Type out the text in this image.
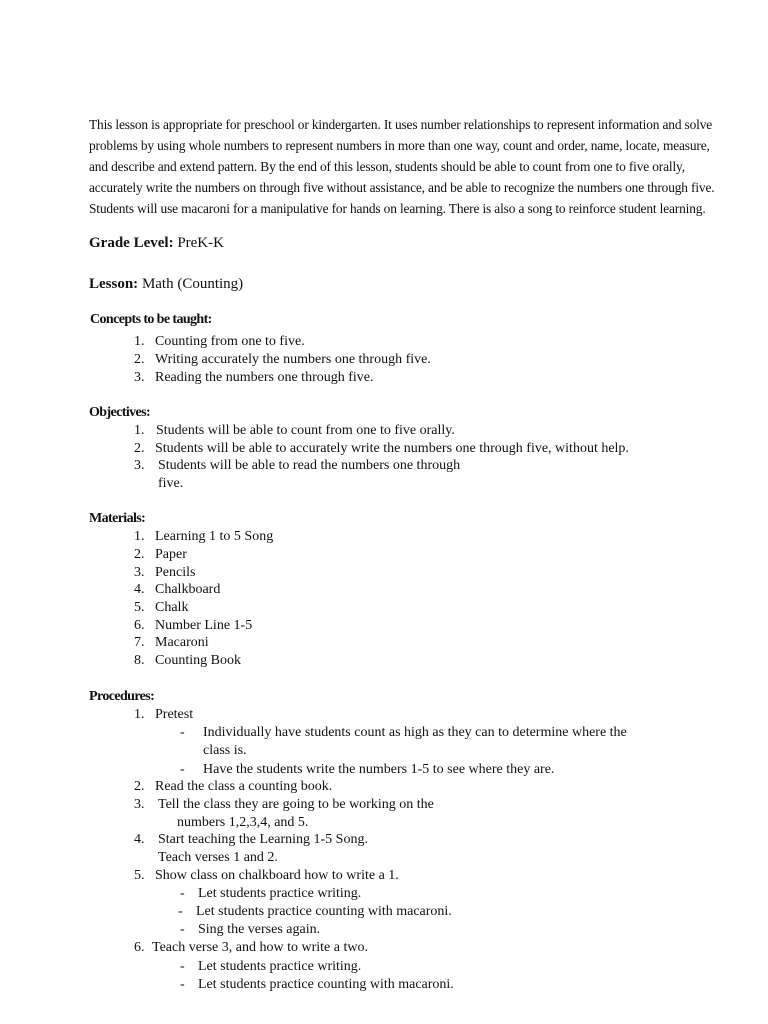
This lesson is appropriate for preschool or kindergarten. It uses number relationships to represent information and solve
problems by using whole numbers to represent numbers in more than one way, count and order, name, locate, measure,
and describe and extend pattern. By the end of this lesson, students should be able to count from one to five orally,
accurately write the numbers on through five without assistance, and be able to recognize the numbers one through five.
Students will use macaroni for a manipulative for hands on learning. There is also a song to reinforce student learning.
Grade Level: PreK-K
Lesson: Math (Counting)
Concepts to be taught:
1. Counting from one to five.
2. Writing accurately the numbers one through five.
3. Reading the numbers one through five.
Objectives:
1. Students will be able to count from one to five orally.
2. Students will be able to accurately write the numbers one through five, without help.
3. Students will be able to read the numbers one through
five.
Materials:
1. Learning 1 to 5 Song
2. Paper
3. Pencils
4. Chalkboard
5. Chalk
6. Number Line 1-5
7. Macaroni
8. Counting Book
Procedures:
1. Pretest
- Individually have students count as high as they can to determine where the
class is.
- Have the students write the numbers 1-5 to see where they are.
2. Read the class a counting book.
3. Tell the class they are going to be working on the
numbers 1,2,3,4, and 5.
4. Start teaching the Learning 1-5 Song.
Teach verses 1 and 2.
5. Show class on chalkboard how to write a 1.
- Let students practice writing.
- Let students practice counting with macaroni.
- Sing the verses again.
6. Teach verse 3, and how to write a two.
- Let students practice writing.
- Let students practice counting with macaroni.
